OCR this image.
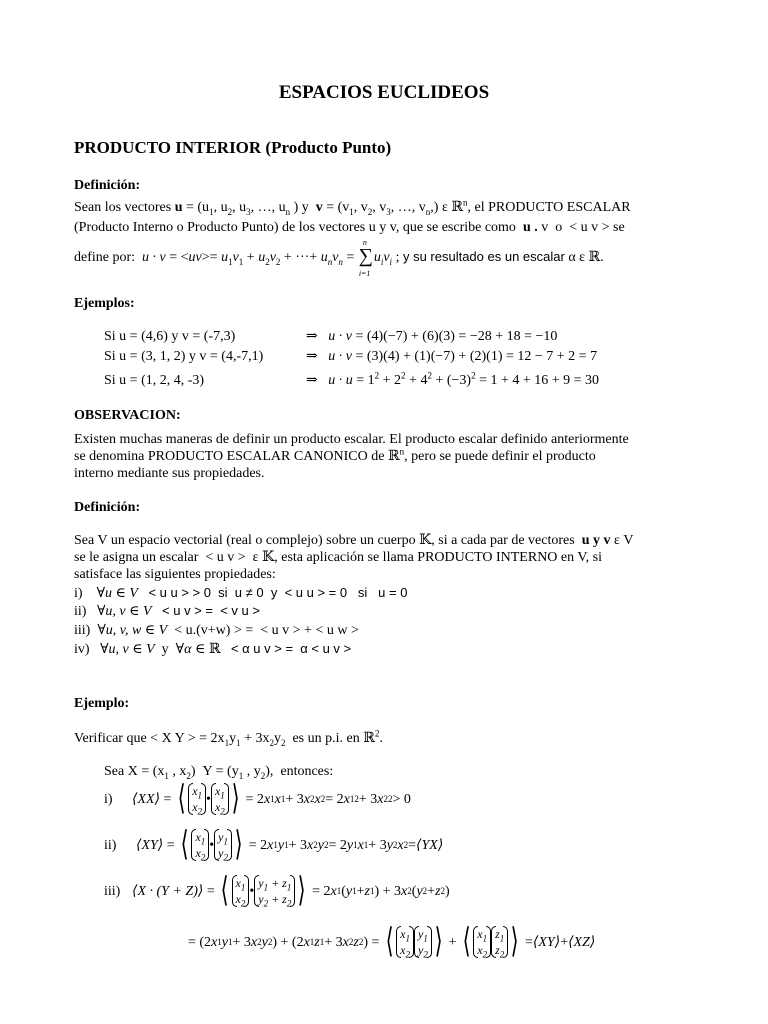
ESPACIOS EUCLIDEOS
PRODUCTO INTERIOR (Producto Punto)
Definición:
Sean los vectores $u = (u_1$, $u_2$, $u_3$, …, $u_n$ ) y  $v = (v_1$, $v_2$, $v_3$, …, $v_n$,) ε ℝ$^n$, el PRODUCTO ESCALAR
(Producto Interno o Producto Punto) de los vectores u y v, que se escribe como  u . v  o  < u v > se
define por:  $u \cdot v = <uv>= u_1v_1 + u_2v_2$ + ···+ $u_nv_n$ =
n
∑
i=1
$u_iv_i$ ; y su resultado es un escalar α ε ℝ.
Ejemplos:
Si u = (4,6) y v = (-7,3)	⇒   u · v = (4)(−7) + (6)(3) = −28 + 18 = −10
Si u = (3, 1, 2) y v = (4,-7,1)	⇒   u · v = (3)(4) + (1)(−7) + (2)(1) = 12 − 7 + 2 = 7
Si u = (1, 2, 4, -3)	⇒   $u \cdot u = 1^2 + 2^2 + 4^2 + (-3)^2 = 1 + 4 + 16 + 9 = 30$
OBSERVACION:
Existen muchas maneras de definir un producto escalar. El producto escalar definido anteriormente
se denomina PRODUCTO ESCALAR CANONICO de ℝ$^n$, pero se puede definir el producto
interno mediante sus propiedades.
Definición:
Sea V un espacio vectorial (real o complejo) sobre un cuerpo 𝕂, si a cada par de vectores  u y v ε V
se le asigna un escalar  < u v >  ε 𝕂, esta aplicación se llama PRODUCTO INTERNO en V, si
satisface las siguientes propiedades:
i)    ∀u ∈ V < u u > > 0  si  u ≠ 0  y  < u u > = 0   si   u = 0
ii)   ∀u, v ∈ V < u v > =  < v u >
iii)  ∀u, v, w ∈ V  < u.(v+w) > =  < u v > + < u w >
iv)   ∀u, v ∈ V  y  ∀α ∈ ℝ < α u v > =  α < u v >
Ejemplo:
Verificar que < X Y > = $2x_1y_1 + 3x_2y_2$  es un p.i. en ℝ$^2$.
Sea $X = (x_1$ , $x_2$)  $Y = (y_1$ , $y_2$),  entonces:
i)	⟨XX⟩ = ⟨ $x_1$
$x_2$
•
$x_1$
$x_2$ ⟩ = 2 x 1 x 1 + 3 x 2 x 2 = 2 x 1 2 + 3 x 2 2 > 0
ii)	⟨XY⟩ = ⟨ $x_1$
$x_2$
•
$y_1$
$y_2$ ⟩ = 2 x 1 y 1 + 3 x 2 y 2 = 2 y 1 x 1 + 3 y 2 x 2 = ⟨YX⟩
iii) ⟨X · (Y + Z)⟩ = ⟨ $x_1$
$x_2$
•
$y_1 + z_1$
$y_2 + z_2$ ⟩ = 2 x 1 ( y 1 + z 1 ) + 3 x 2 ( y 2 + z 2 )
= (2 x 1 y 1 + 3 x 2 y 2 ) + (2 x 1 z 1 + 3 x 2 z 2 ) = ⟨ $x_1$
$x_2$
$y_1$
$y_2$ ⟩ + ⟨ $x_1$
$x_2$
$z_1$
$z_2$ ⟩ = ⟨XY⟩ + ⟨XZ⟩
